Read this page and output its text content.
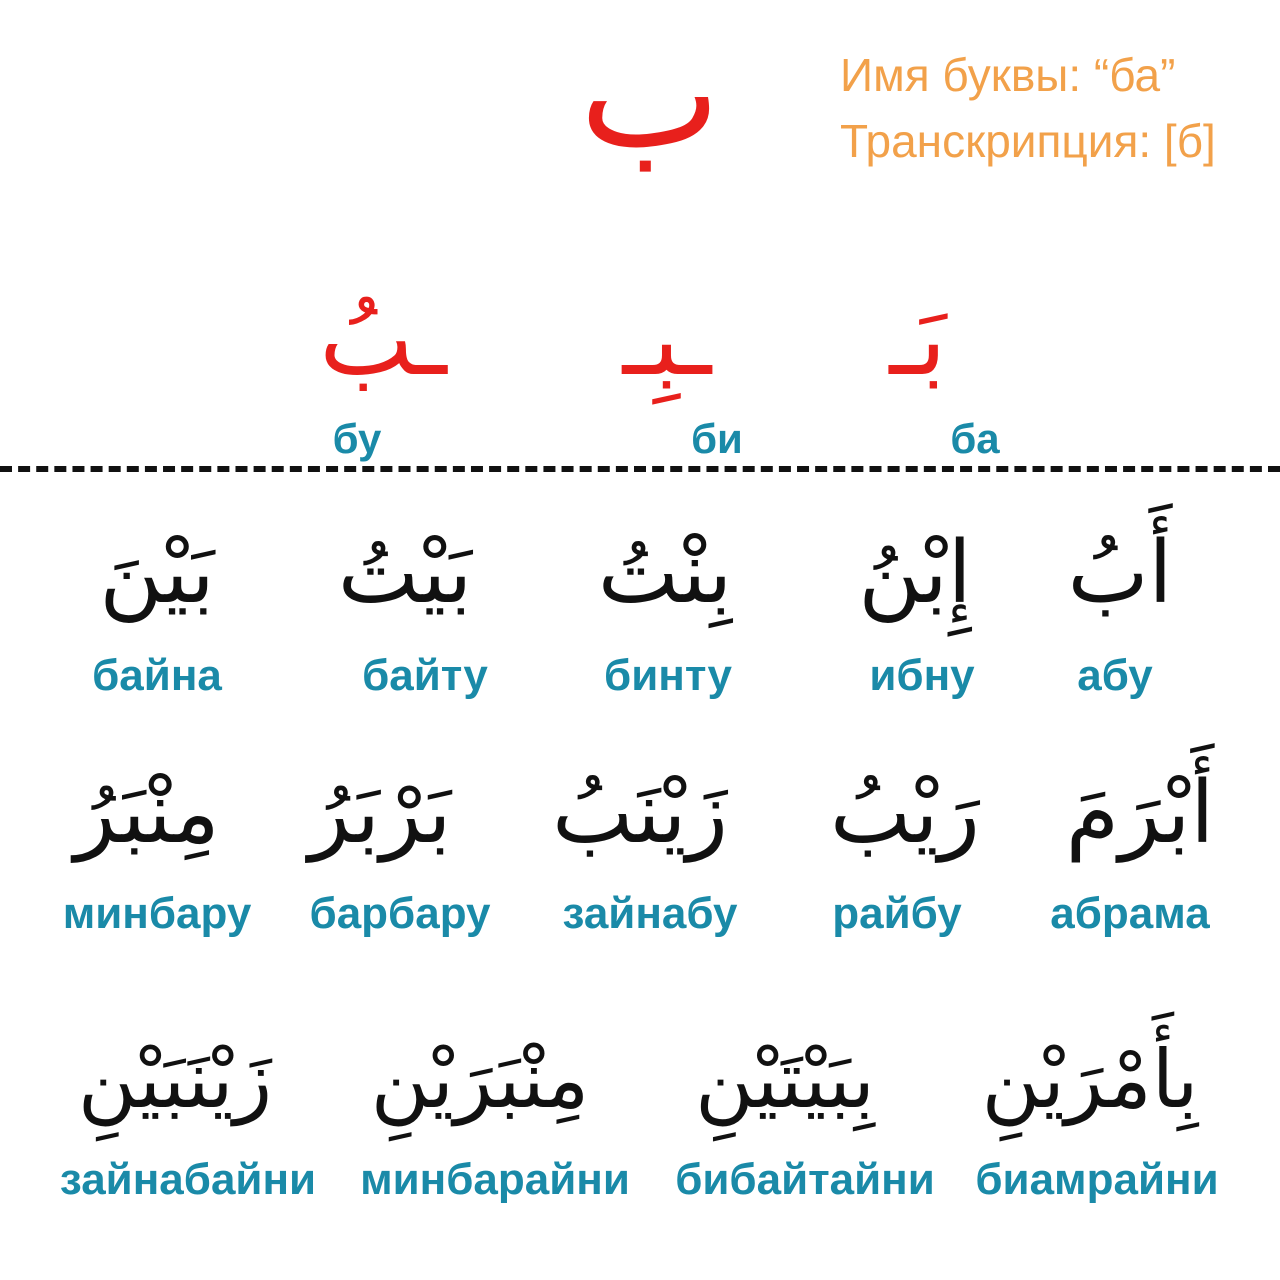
ب	Имя буквы: “ба”
Транскрипция: [б]
ـبُ
бу
ـبِـ
би
بَـ
ба
بَيْنَ
байна
بَيْتُ
байту
بِنْتُ
бинту
إِبْنُ
ибну
أَبُ
абу
مِنْبَرُ
минбару
بَرْبَرُ
барбару
زَيْنَبُ
зайнабу
رَيْبُ
райбу
أَبْرَمَ
абрама
زَيْنَبَيْنِ
зайнабайни
مِنْبَرَيْنِ
минбарайни
بِبَيْتَيْنِ
бибайтайни
بِأَمْرَيْنِ
биамрайни
